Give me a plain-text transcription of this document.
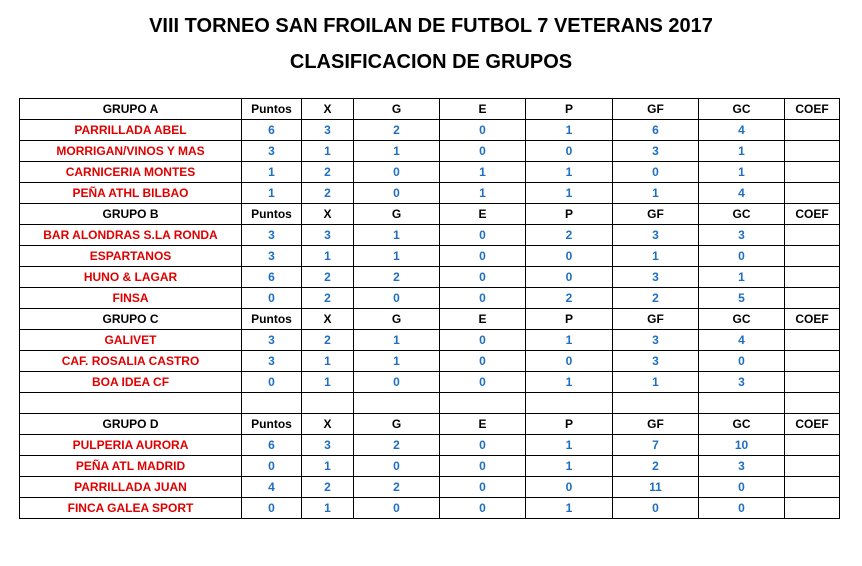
VIII TORNEO SAN FROILAN DE FUTBOL 7 VETERANS 2017
CLASIFICACION DE GRUPOS
GRUPO A	Puntos	X	G	E	P	GF	GC	COEF
PARRILLADA ABEL	6	3	2	0	1	6	4	
MORRIGAN/VINOS Y MAS	3	1	1	0	0	3	1	
CARNICERIA MONTES	1	2	0	1	1	0	1	
PEÑA ATHL BILBAO	1	2	0	1	1	1	4	
GRUPO B	Puntos	X	G	E	P	GF	GC	COEF
BAR ALONDRAS S.LA RONDA	3	3	1	0	2	3	3	
ESPARTANOS	3	1	1	0	0	1	0	
HUNO & LAGAR	6	2	2	0	0	3	1	
FINSA	0	2	0	0	2	2	5	
GRUPO C	Puntos	X	G	E	P	GF	GC	COEF
GALIVET	3	2	1	0	1	3	4	
CAF. ROSALIA CASTRO	3	1	1	0	0	3	0	
BOA IDEA CF	0	1	0	0	1	1	3	

GRUPO D	Puntos	X	G	E	P	GF	GC	COEF
PULPERIA AURORA	6	3	2	0	1	7	10	
PEÑA ATL MADRID	0	1	0	0	1	2	3	
PARRILLADA JUAN	4	2	2	0	0	11	0	
FINCA GALEA SPORT	0	1	0	0	1	0	0	
